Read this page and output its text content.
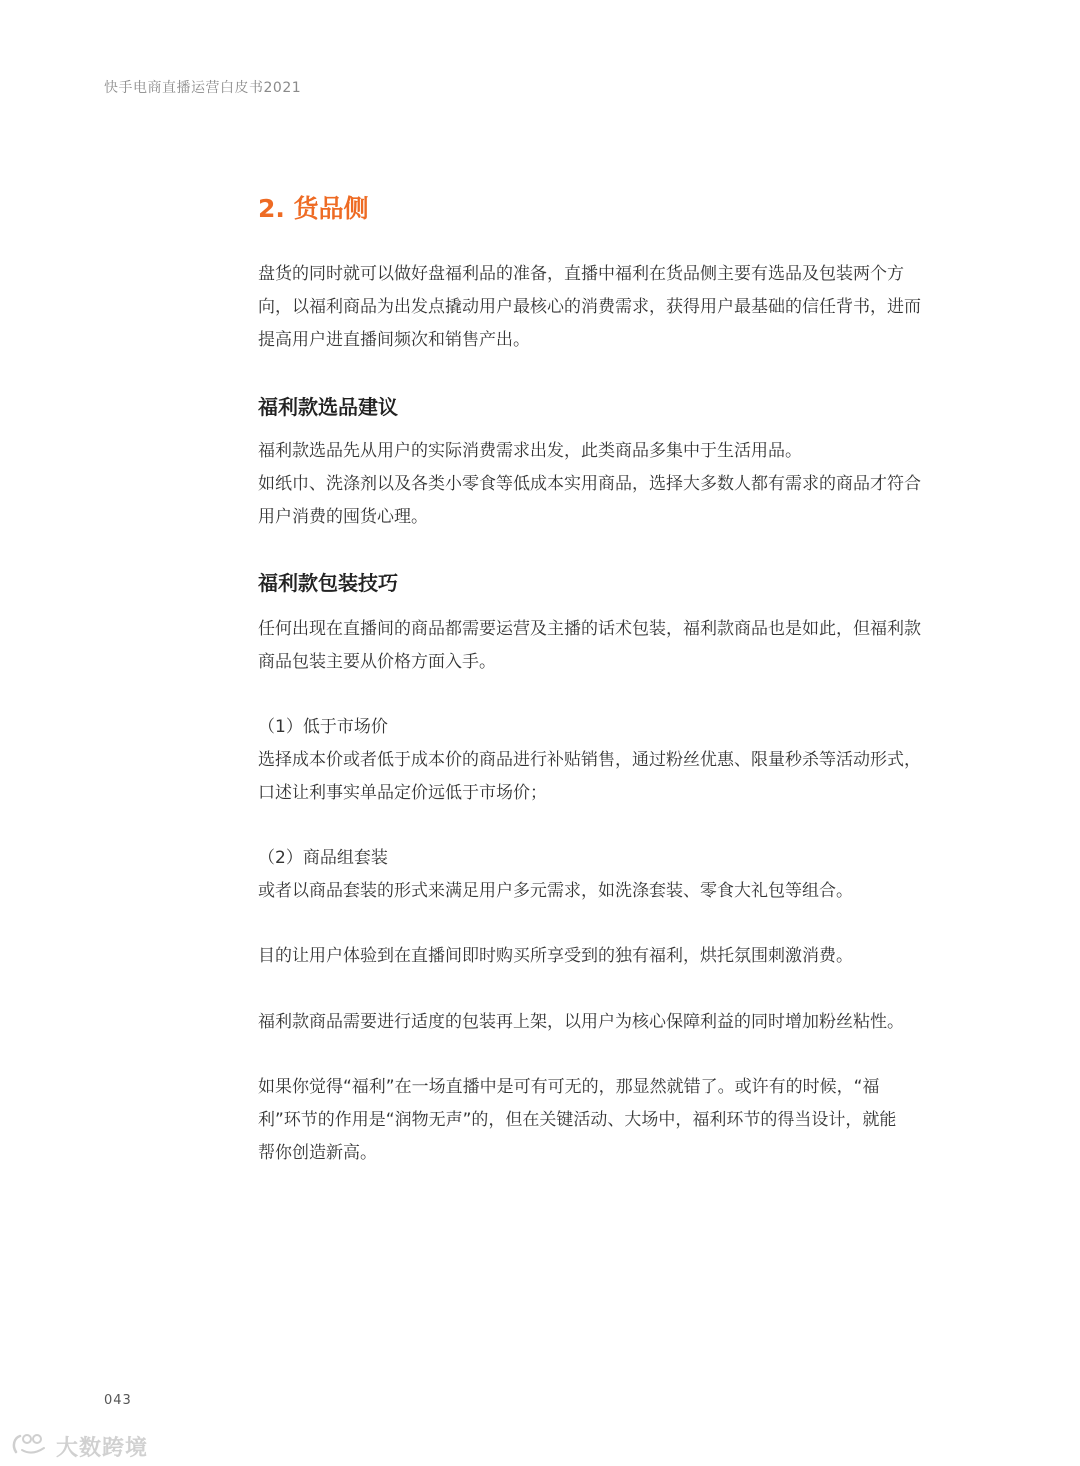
快手电商直播运营白皮书2021
2. 货品侧

盘货的同时就可以做好盘福利品的准备，直播中福利在货品侧主要有选品及包装两个方
向，以福利商品为出发点撬动用户最核心的消费需求，获得用户最基础的信任背书，进而
提高用户进直播间频次和销售产出。

福利款选品建议

福利款选品先从用户的实际消费需求出发，此类商品多集中于生活用品。
如纸巾、洗涤剂以及各类小零食等低成本实用商品，选择大多数人都有需求的商品才符合
用户消费的囤货心理。

福利款包装技巧

任何出现在直播间的商品都需要运营及主播的话术包装，福利款商品也是如此，但福利款
商品包装主要从价格方面入手。

（1）低于市场价
选择成本价或者低于成本价的商品进行补贴销售，通过粉丝优惠、限量秒杀等活动形式，
口述让利事实单品定价远低于市场价；

（2）商品组套装
或者以商品套装的形式来满足用户多元需求，如洗涤套装、零食大礼包等组合。

目的让用户体验到在直播间即时购买所享受到的独有福利，烘托氛围刺激消费。

福利款商品需要进行适度的包装再上架，以用户为核心保障利益的同时增加粉丝粘性。

如果你觉得“福利”在一场直播中是可有可无的，那显然就错了。或许有的时候，“福
利”环节的作用是“润物无声”的，但在关键活动、大场中，福利环节的得当设计，就能
帮你创造新高。

043
大数跨境
